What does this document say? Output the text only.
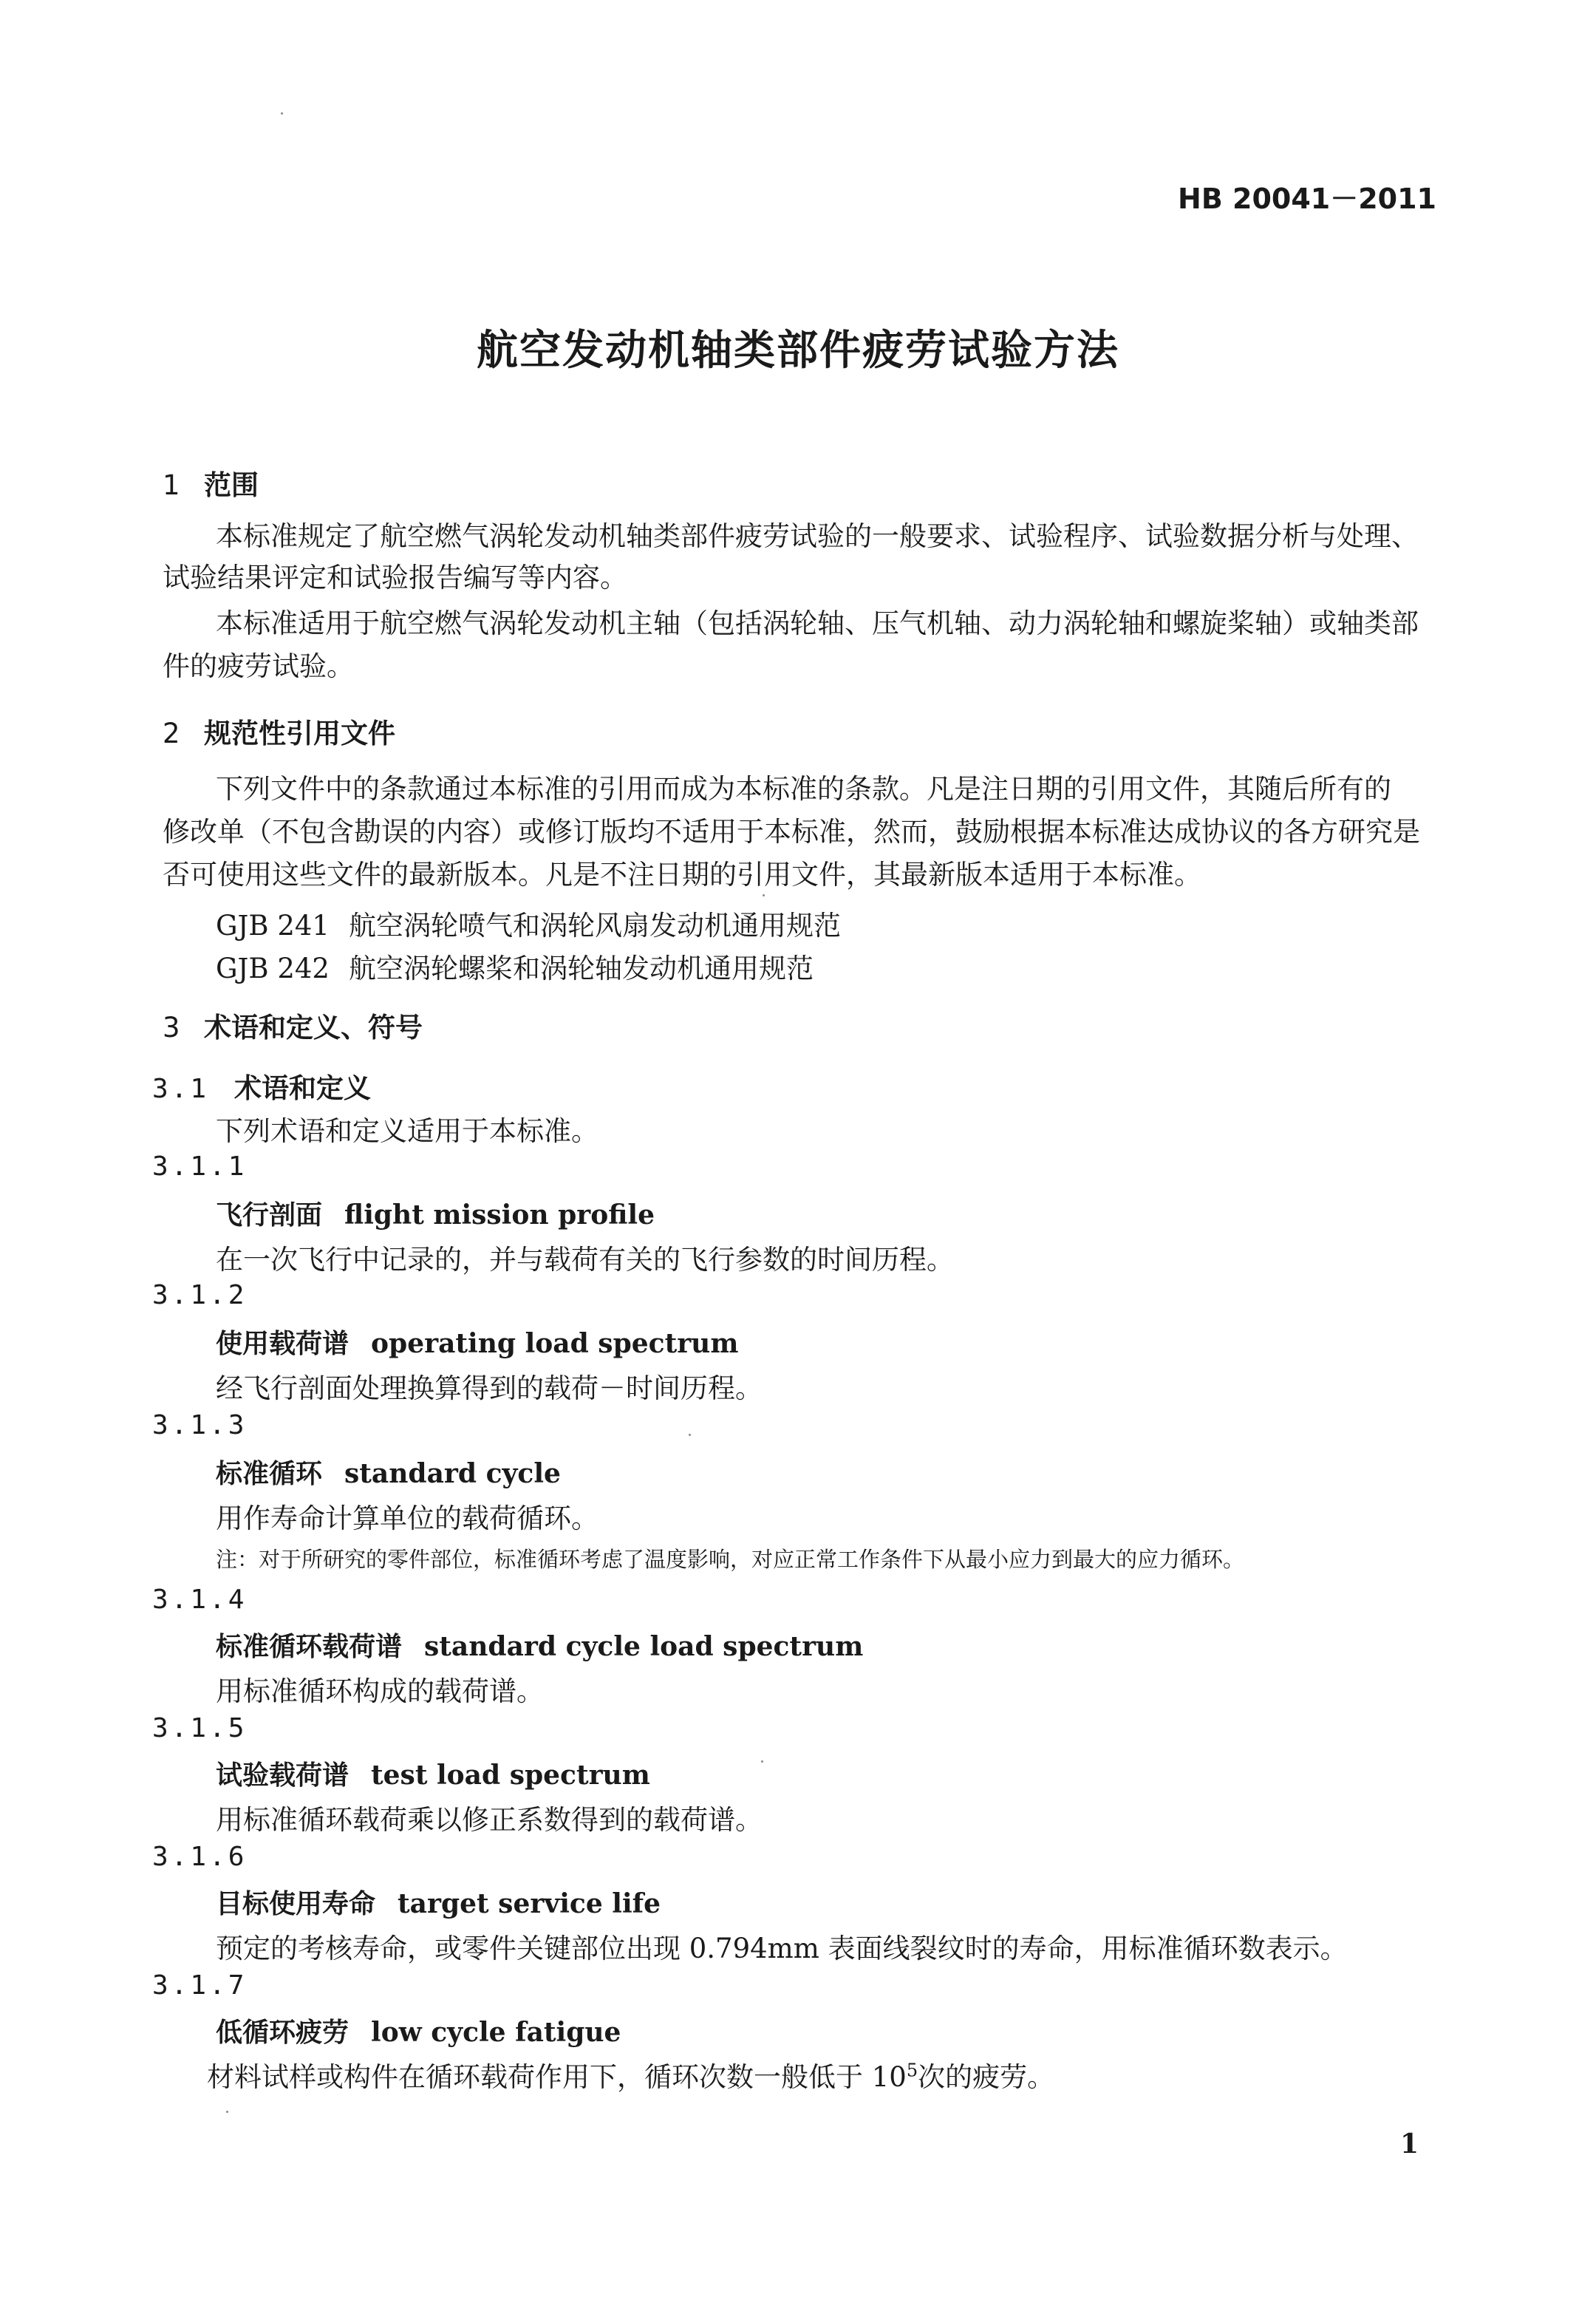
HB 20041－2011
航空发动机轴类部件疲劳试验方法
1 范围
本标准规定了航空燃气涡轮发动机轴类部件疲劳试验的一般要求、试验程序、试验数据分析与处理、
试验结果评定和试验报告编写等内容。
本标准适用于航空燃气涡轮发动机主轴（包括涡轮轴、压气机轴、动力涡轮轴和螺旋桨轴）或轴类部
件的疲劳试验。
2 规范性引用文件
下列文件中的条款通过本标准的引用而成为本标准的条款。凡是注日期的引用文件，其随后所有的
修改单（不包含勘误的内容）或修订版均不适用于本标准，然而，鼓励根据本标准达成协议的各方研究是
否可使用这些文件的最新版本。凡是不注日期的引用文件，其最新版本适用于本标准。
GJB 241 航空涡轮喷气和涡轮风扇发动机通用规范
GJB 242 航空涡轮螺桨和涡轮轴发动机通用规范
3 术语和定义、符号
3.1 术语和定义
下列术语和定义适用于本标准。
3.1.1
飞行剖面 flight mission profile
在一次飞行中记录的，并与载荷有关的飞行参数的时间历程。
3.1.2
使用载荷谱 operating load spectrum
经飞行剖面处理换算得到的载荷－时间历程。
3.1.3
标准循环 standard cycle
用作寿命计算单位的载荷循环。
注：对于所研究的零件部位，标准循环考虑了温度影响，对应正常工作条件下从最小应力到最大的应力循环。
3.1.4
标准循环载荷谱 standard cycle load spectrum
用标准循环构成的载荷谱。
3.1.5
试验载荷谱 test load spectrum
用标准循环载荷乘以修正系数得到的载荷谱。
3.1.6
目标使用寿命 target service life
预定的考核寿命，或零件关键部位出现 0.794mm 表面线裂纹时的寿命，用标准循环数表示。
3.1.7
低循环疲劳 low cycle fatigue
材料试样或构件在循环载荷作用下，循环次数一般低于 $10^5$次的疲劳。
1
